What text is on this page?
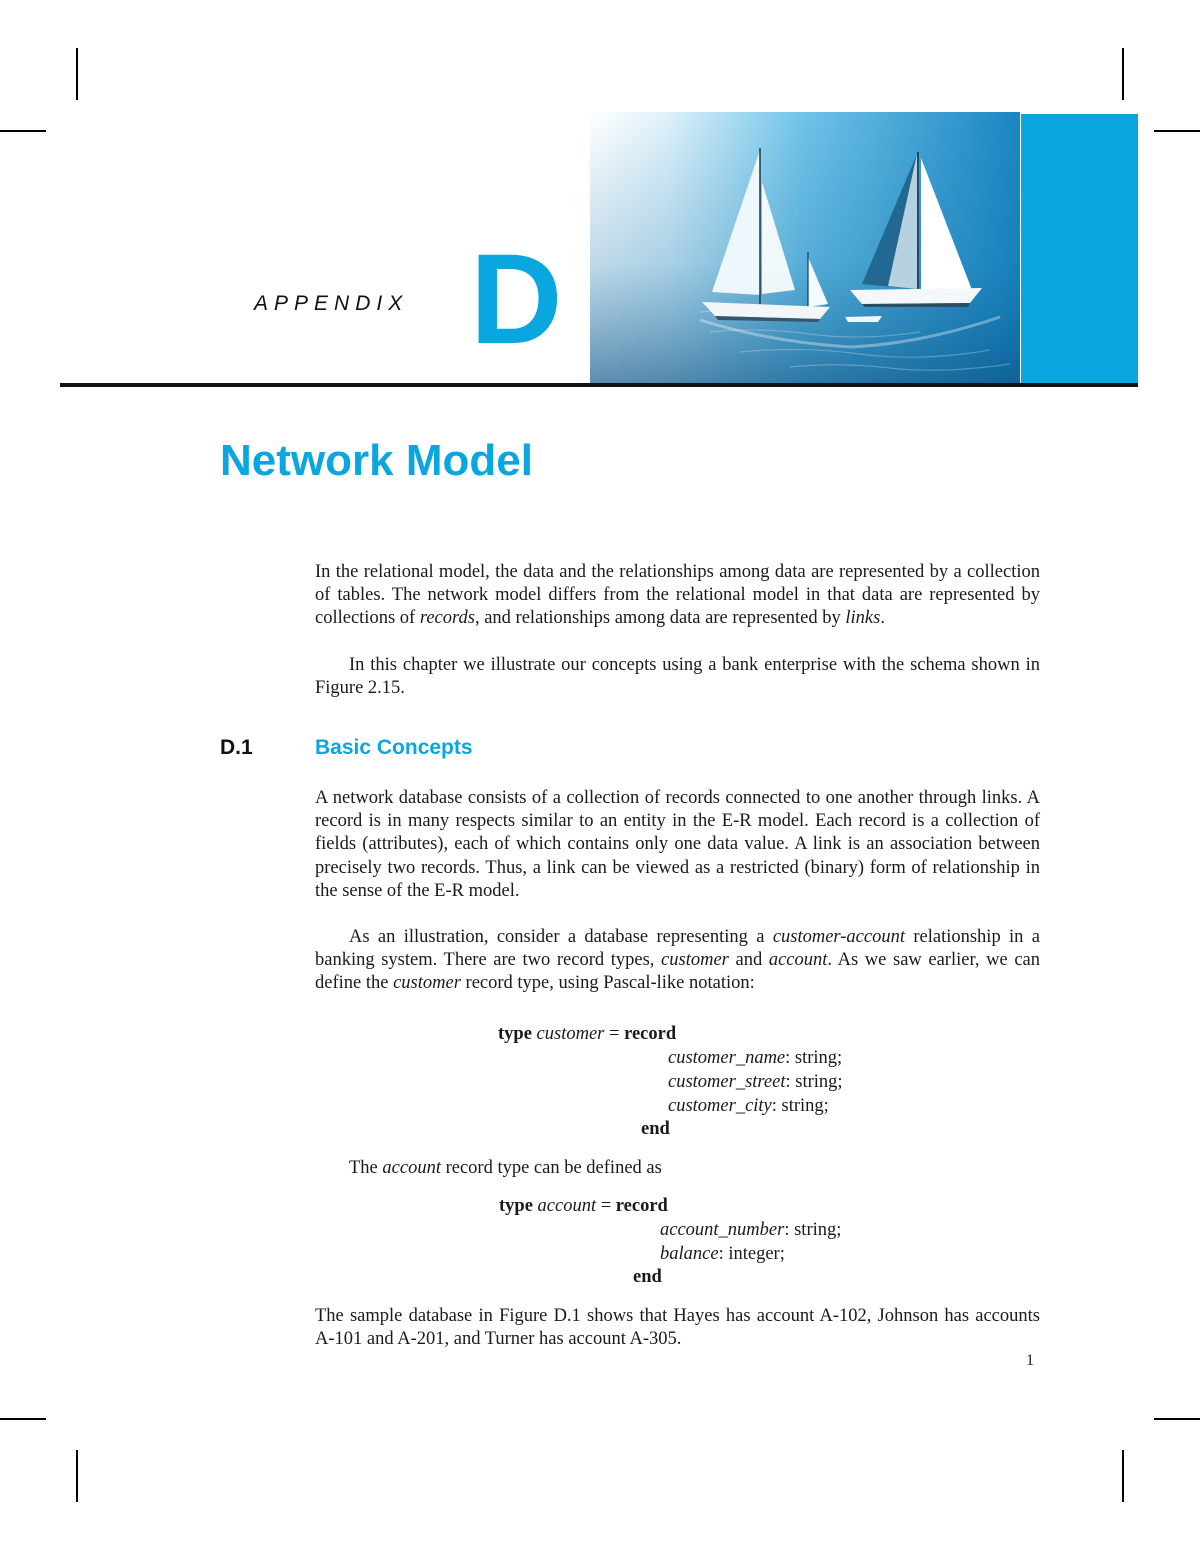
APPENDIX D
Network Model

In the relational model, the data and the relationships among data are represented by a collection of tables. The network model differs from the relational model in that data are represented by collections of records, and relationships among data are represented by links.

In this chapter we illustrate our concepts using a bank enterprise with the schema shown in Figure 2.15.

D.1	Basic Concepts

A network database consists of a collection of records connected to one another through links. A record is in many respects similar to an entity in the E-R model. Each record is a collection of fields (attributes), each of which contains only one data value. A link is an association between precisely two records. Thus, a link can be viewed as a restricted (binary) form of relationship in the sense of the E-R model.

As an illustration, consider a database representing a customer-account relationship in a banking system. There are two record types, customer and account. As we saw earlier, we can define the customer record type, using Pascal-like notation:

type customer = record
customer_name: string;
customer_street: string;
customer_city: string;
end

The account record type can be defined as

type account = record
account_number: string;
balance: integer;
end

The sample database in Figure D.1 shows that Hayes has account A-102, Johnson has accounts A-101 and A-201, and Turner has account A-305.

1
